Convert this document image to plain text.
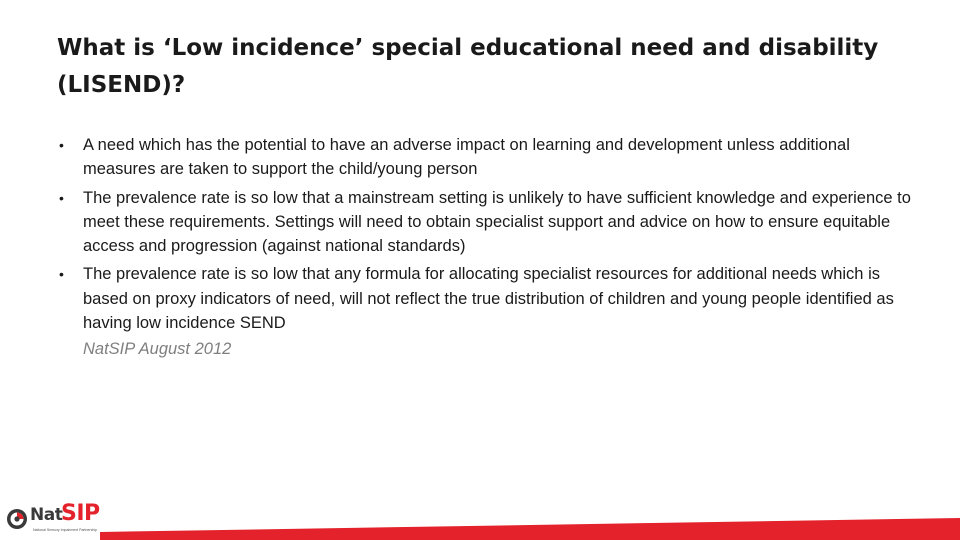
What is ‘Low incidence’ special educational need and disability (LISEND)?
• A need which has the potential to have an adverse impact on learning and development unless additional measures are taken to support the child/young person
• The prevalence rate is so low that a mainstream setting is unlikely to have sufficient knowledge and experience to meet these requirements. Settings will need to obtain specialist support and advice on how to ensure equitable access and progression (against national standards)
• The prevalence rate is so low that any formula for allocating specialist resources for additional needs which is based on proxy indicators of need, will not reflect the true distribution of children and young people identified as having low incidence SEND
NatSIP August 2012
Nat
SIP
National Sensory Impairment Partnership
